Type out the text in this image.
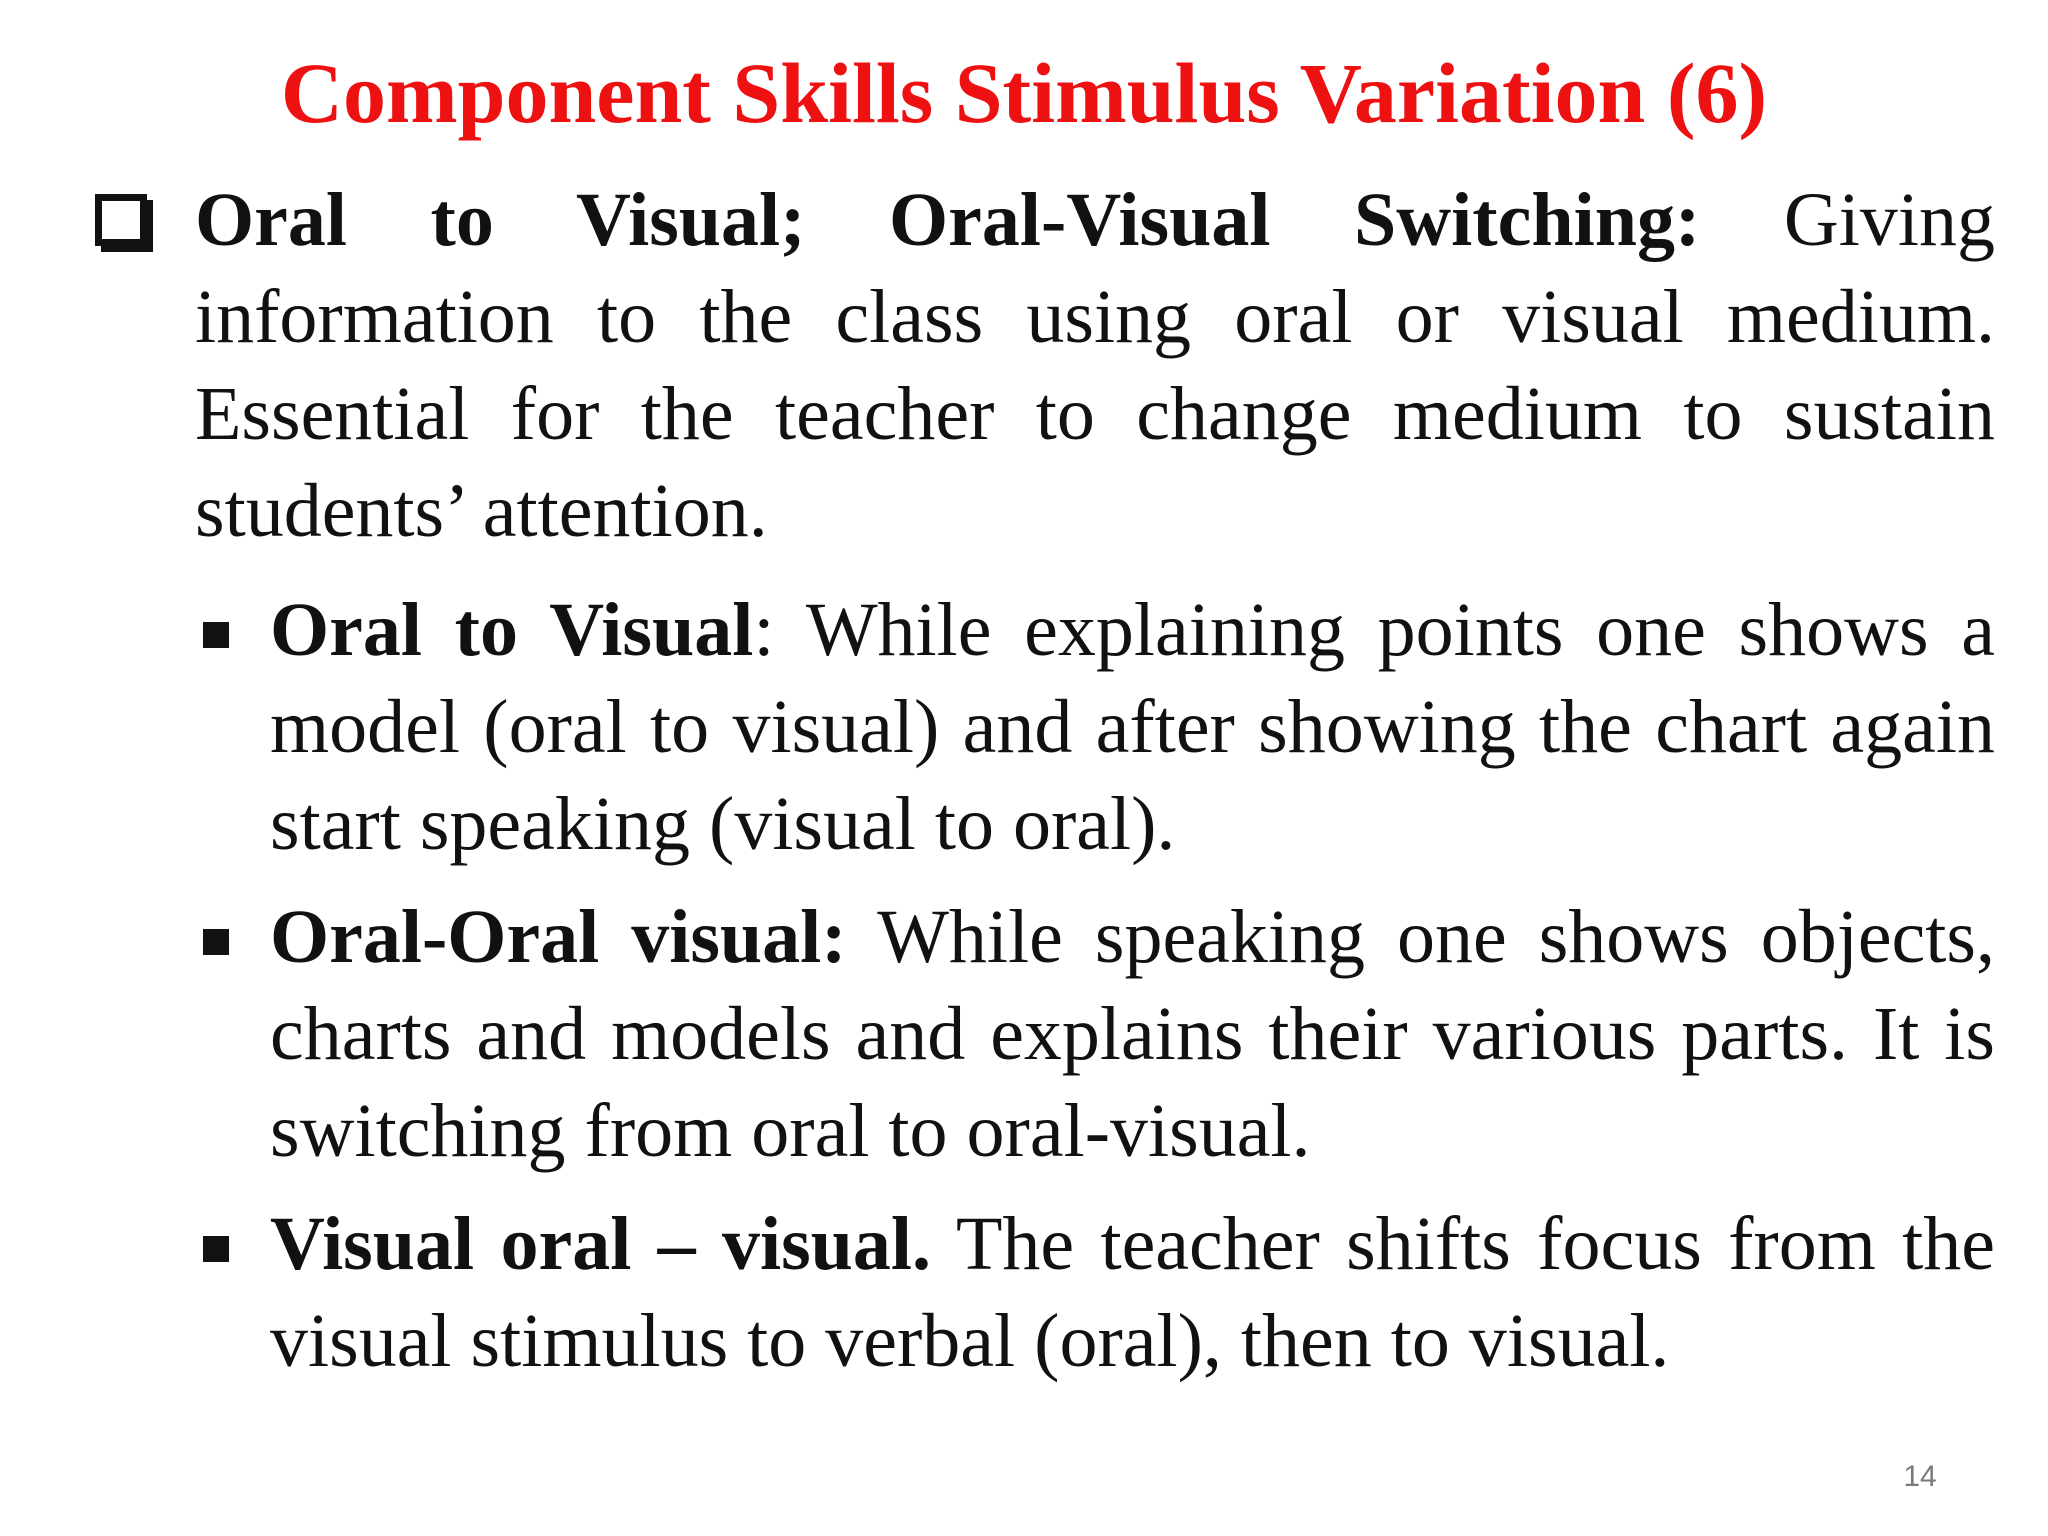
Component Skills Stimulus Variation (6)
Oral to Visual; Oral-Visual Switching: Giving information to the class using oral or visual medium. Essential for the teacher to change medium to sustain students’ attention.
Oral to Visual: While explaining points one shows a model (oral to visual) and after showing the chart again start speaking (visual to oral).
Oral-Oral visual: While speaking one shows objects, charts and models and explains their various parts. It is switching from oral to oral-visual.
Visual oral – visual. The teacher shifts focus from the visual stimulus to verbal (oral), then to visual.
14
